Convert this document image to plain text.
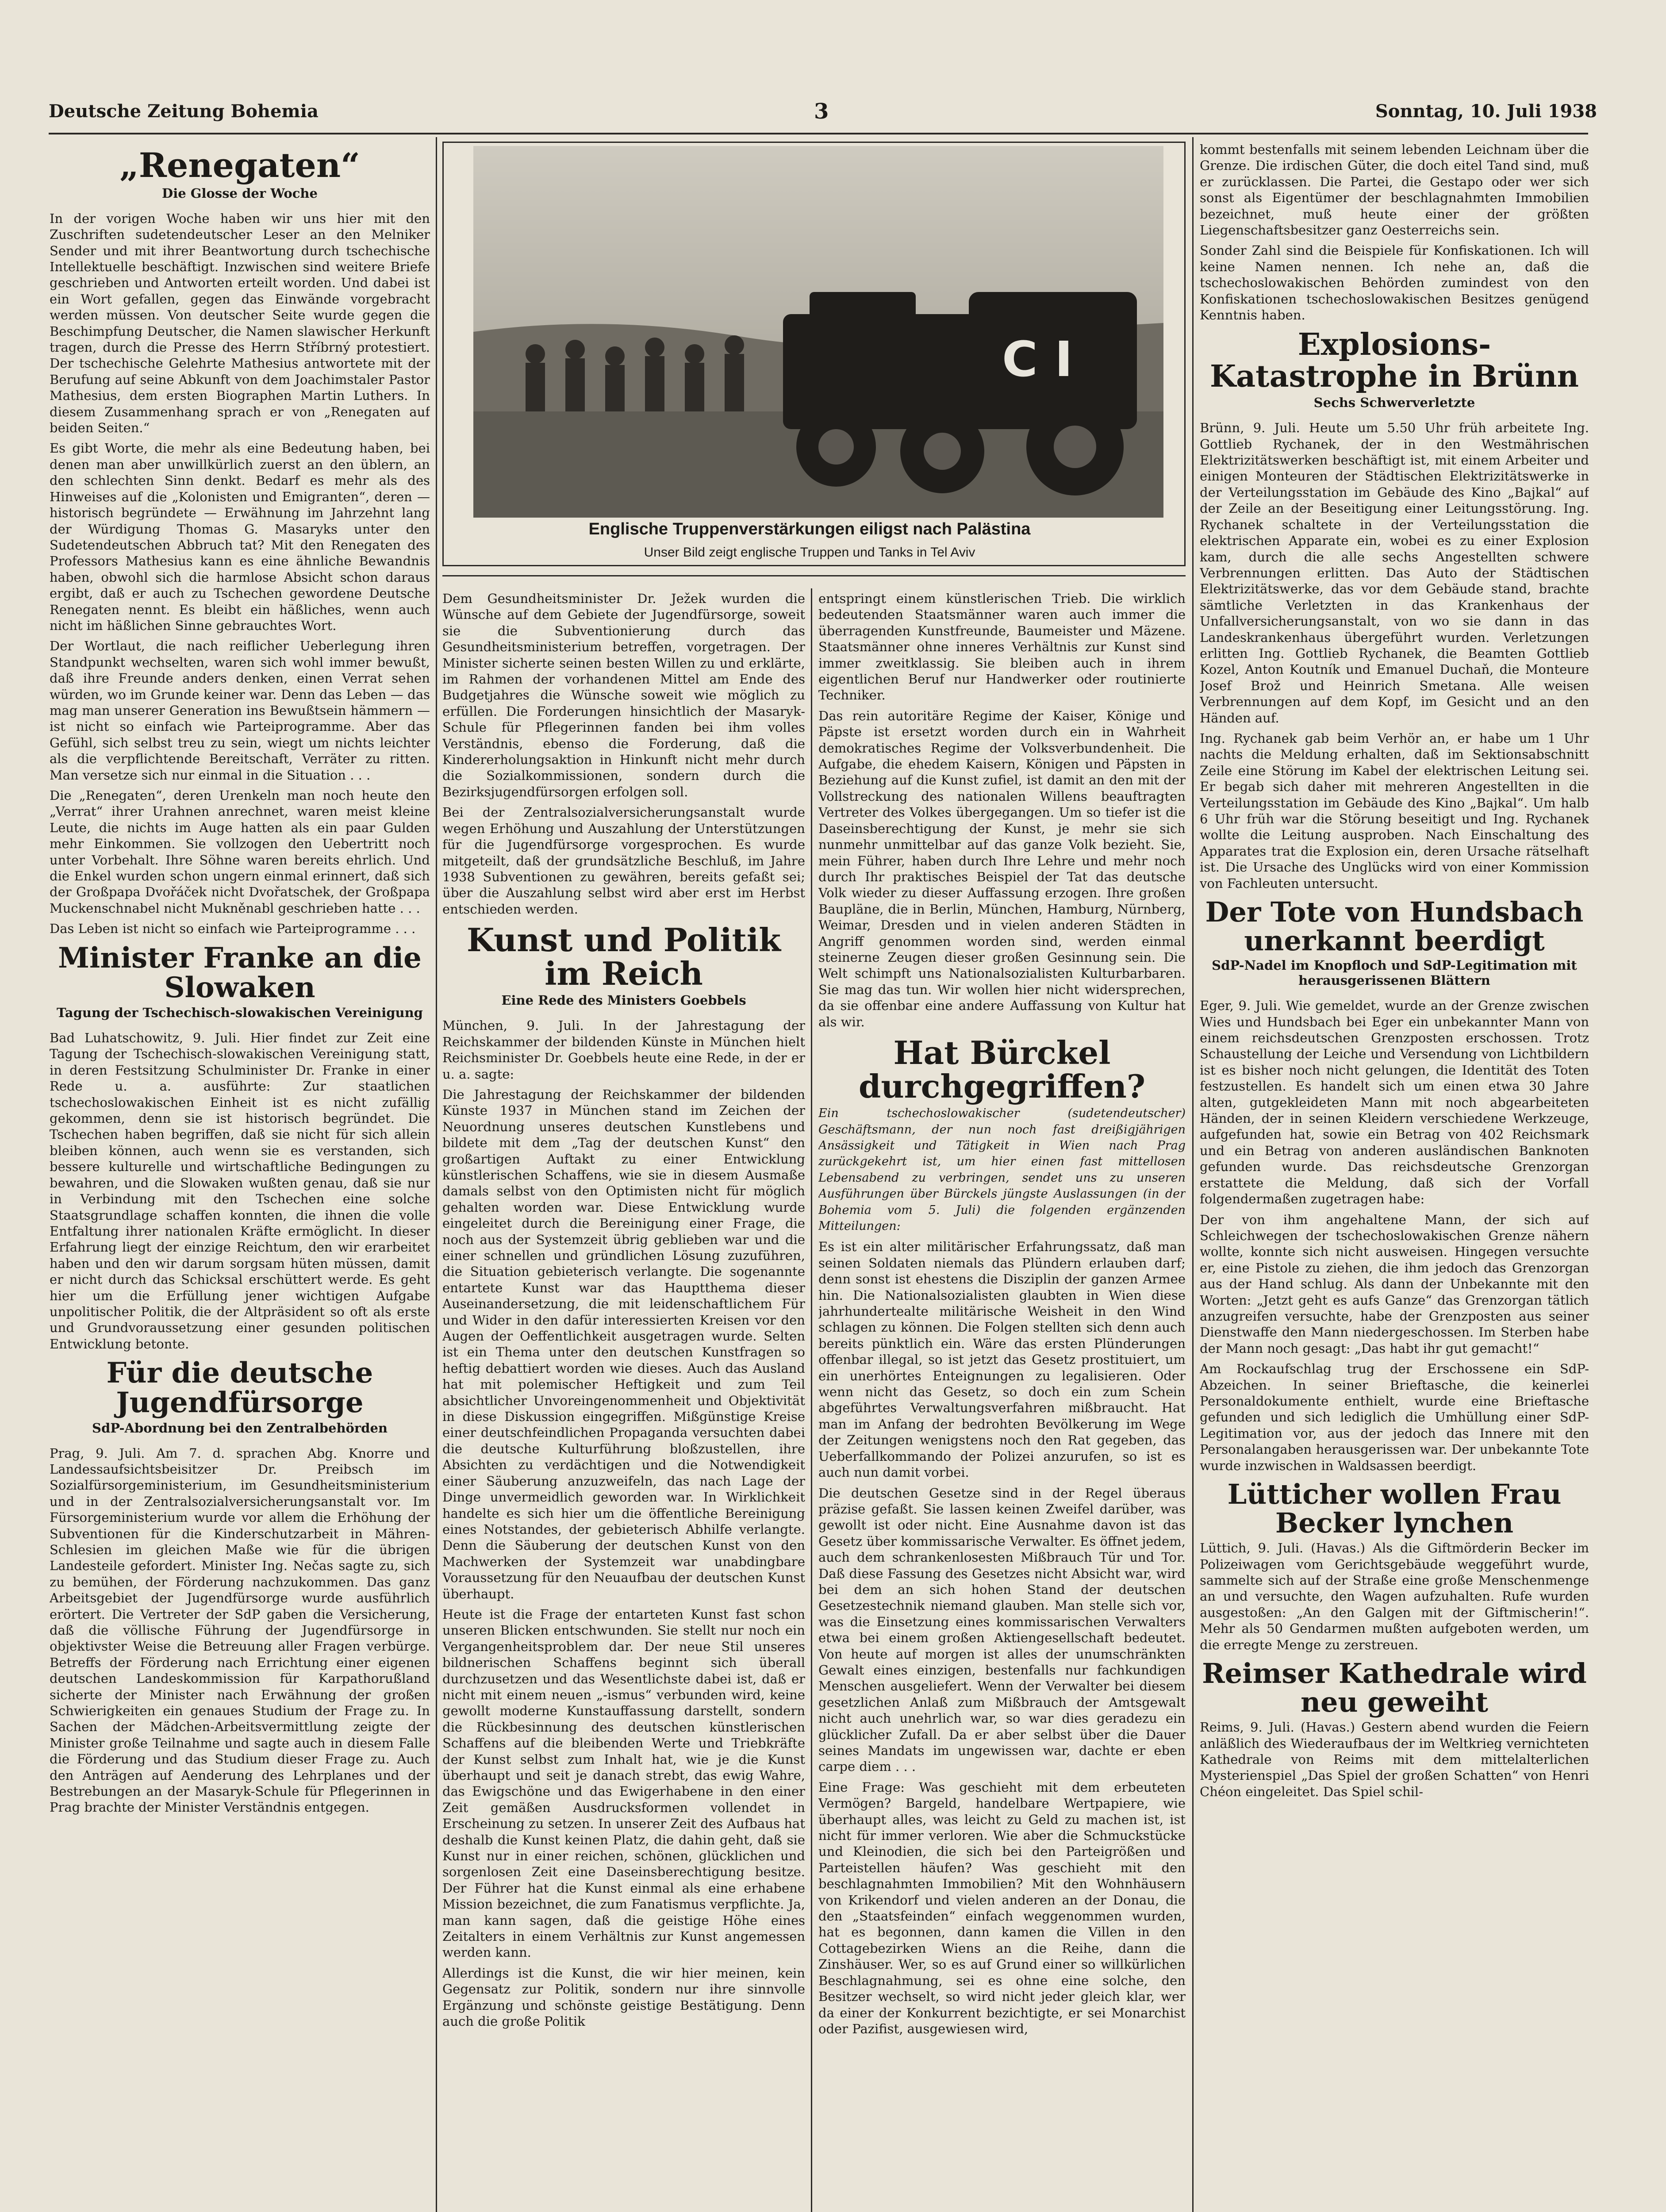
Deutsche Zeitung Bohemia	3	Sonntag, 10. Juli 1938
C I
Englische Truppenverstärkungen eiligst nach Palästina
Unser Bild zeigt englische Truppen und Tanks in Tel Aviv
„Renegaten“
Die Glosse der Woche

In der vorigen Woche haben wir uns hier mit den Zuschriften sudetendeutscher Leser an den Melniker Sender und mit ihrer Beantwortung durch tschechische Intellektuelle beschäftigt. Inzwischen sind weitere Briefe geschrieben und Antworten erteilt worden. Und dabei ist ein Wort gefallen, gegen das Einwände vorgebracht werden müssen. Von deutscher Seite wurde gegen die Beschimpfung Deutscher, die Namen slawischer Herkunft tragen, durch die Presse des Herrn Stříbrný protestiert. Der tschechische Gelehrte Mathesius antwortete mit der Berufung auf seine Abkunft von dem Joachimstaler Pastor Mathesius, dem ersten Biographen Martin Luthers. In diesem Zusammenhang sprach er von „Renegaten auf beiden Seiten.“

Es gibt Worte, die mehr als eine Bedeutung haben, bei denen man aber unwillkürlich zuerst an den üblern, an den schlechten Sinn denkt. Bedarf es mehr als des Hinweises auf die „Kolonisten und Emigranten“, deren — historisch begründete — Erwähnung im Jahrzehnt lang der Würdigung Thomas G. Masaryks unter den Sudetendeutschen Abbruch tat? Mit den Renegaten des Professors Mathesius kann es eine ähnliche Bewandnis haben, obwohl sich die harmlose Absicht schon daraus ergibt, daß er auch zu Tschechen gewordene Deutsche Renegaten nennt. Es bleibt ein häßliches, wenn auch nicht im häßlichen Sinne gebrauchtes Wort.

Der Wortlaut, die nach reiflicher Ueberlegung ihren Standpunkt wechselten, waren sich wohl immer bewußt, daß ihre Freunde anders denken, einen Verrat sehen würden, wo im Grunde keiner war. Denn das Leben — das mag man unserer Generation ins Bewußtsein hämmern — ist nicht so einfach wie Parteiprogramme. Aber das Gefühl, sich selbst treu zu sein, wiegt um nichts leichter als die verpflichtende Bereitschaft, Verräter zu ritten. Man versetze sich nur einmal in die Situation . . .

Die „Renegaten“, deren Urenkeln man noch heute den „Verrat“ ihrer Urahnen anrechnet, waren meist kleine Leute, die nichts im Auge hatten als ein paar Gulden mehr Einkommen. Sie vollzogen den Uebertritt noch unter Vorbehalt. Ihre Söhne waren bereits ehrlich. Und die Enkel wurden schon ungern einmal erinnert, daß sich der Großpapa Dvořáček nicht Dvořatschek, der Großpapa Muckenschnabel nicht Mukněnabl geschrieben hatte . . .

Das Leben ist nicht so einfach wie Parteiprogramme . . .

Minister Franke an die Slowaken
Tagung der Tschechisch-slowakischen Vereinigung

Bad Luhatschowitz, 9. Juli. Hier findet zur Zeit eine Tagung der Tschechisch-slowakischen Vereinigung statt, in deren Festsitzung Schulminister Dr. Franke in einer Rede u. a. ausführte: Zur staatlichen tschechoslowakischen Einheit ist es nicht zufällig gekommen, denn sie ist historisch begründet. Die Tschechen haben begriffen, daß sie nicht für sich allein bleiben können, auch wenn sie es verstanden, sich bessere kulturelle und wirtschaftliche Bedingungen zu bewahren, und die Slowaken wußten genau, daß sie nur in Verbindung mit den Tschechen eine solche Staatsgrundlage schaffen konnten, die ihnen die volle Entfaltung ihrer nationalen Kräfte ermöglicht. In dieser Erfahrung liegt der einzige Reichtum, den wir erarbeitet haben und den wir darum sorgsam hüten müssen, damit er nicht durch das Schicksal erschüttert werde. Es geht hier um die Erfüllung jener wichtigen Aufgabe unpolitischer Politik, die der Altpräsident so oft als erste und Grundvoraussetzung einer gesunden politischen Entwicklung betonte.

Für die deutsche Jugendfürsorge
SdP-Abordnung bei den Zentralbehörden

Prag, 9. Juli. Am 7. d. sprachen Abg. Knorre und Landessaufsichtsbeisitzer Dr. Preibsch im Sozialfürsorgeministerium, im Gesundheitsministerium und in der Zentralsozialversicherungsanstalt vor. Im Fürsorgeministerium wurde vor allem die Erhöhung der Subventionen für die Kinderschutzarbeit in Mähren-Schlesien im gleichen Maße wie für die übrigen Landesteile gefordert. Minister Ing. Nečas sagte zu, sich zu bemühen, der Förderung nachzukommen. Das ganz Arbeitsgebiet der Jugendfürsorge wurde ausführlich erörtert. Die Vertreter der SdP gaben die Versicherung, daß die völlische Führung der Jugendfürsorge in objektivster Weise die Betreuung aller Fragen verbürge. Betreffs der Förderung nach Errichtung einer eigenen deutschen Landeskommission für Karpathorußland sicherte der Minister nach Erwähnung der großen Schwierigkeiten ein genaues Studium der Frage zu. In Sachen der Mädchen-Arbeitsvermittlung zeigte der Minister große Teilnahme und sagte auch in diesem Falle die Förderung und das Studium dieser Frage zu. Auch den Anträgen auf Aenderung des Lehrplanes und der Bestrebungen an der Masaryk-Schule für Pflegerinnen in Prag brachte der Minister Verständnis entgegen.

Dem Gesundheitsminister Dr. Ježek wurden die Wünsche auf dem Gebiete der Jugendfürsorge, soweit sie die Subventionierung durch das Gesundheitsministerium betreffen, vorgetragen. Der Minister sicherte seinen besten Willen zu und erklärte, im Rahmen der vorhandenen Mittel am Ende des Budgetjahres die Wünsche soweit wie möglich zu erfüllen. Die Forderungen hinsichtlich der Masaryk-Schule für Pflegerinnen fanden bei ihm volles Verständnis, ebenso die Forderung, daß die Kindererholungsaktion in Hinkunft nicht mehr durch die Sozialkommissionen, sondern durch die Bezirksjugendfürsorgen erfolgen soll.

Bei der Zentralsozialversicherungsanstalt wurde wegen Erhöhung und Auszahlung der Unterstützungen für die Jugendfürsorge vorgesprochen. Es wurde mitgeteilt, daß der grundsätzliche Beschluß, im Jahre 1938 Subventionen zu gewähren, bereits gefaßt sei; über die Auszahlung selbst wird aber erst im Herbst entschieden werden.

Kunst und Politik im Reich
Eine Rede des Ministers Goebbels

München, 9. Juli. In der Jahrestagung der Reichskammer der bildenden Künste in München hielt Reichsminister Dr. Goebbels heute eine Rede, in der er u. a. sagte:

Die Jahrestagung der Reichskammer der bildenden Künste 1937 in München stand im Zeichen der Neuordnung unseres deutschen Kunstlebens und bildete mit dem „Tag der deutschen Kunst“ den großartigen Auftakt zu einer Entwicklung künstlerischen Schaffens, wie sie in diesem Ausmaße damals selbst von den Optimisten nicht für möglich gehalten worden war. Diese Entwicklung wurde eingeleitet durch die Bereinigung einer Frage, die noch aus der Systemzeit übrig geblieben war und die einer schnellen und gründlichen Lösung zuzuführen, die Situation gebieterisch verlangte. Die sogenannte entartete Kunst war das Hauptthema dieser Auseinandersetzung, die mit leidenschaftlichem Für und Wider in den dafür interessierten Kreisen vor den Augen der Oeffentlichkeit ausgetragen wurde. Selten ist ein Thema unter den deutschen Kunstfragen so heftig debattiert worden wie dieses. Auch das Ausland hat mit polemischer Heftigkeit und zum Teil absichtlicher Unvoreingenommenheit und Objektivität in diese Diskussion eingegriffen. Mißgünstige Kreise einer deutschfeindlichen Propaganda versuchten dabei die deutsche Kulturführung bloßzustellen, ihre Absichten zu verdächtigen und die Notwendigkeit einer Säuberung anzuzweifeln, das nach Lage der Dinge unvermeidlich geworden war. In Wirklichkeit handelte es sich hier um die öffentliche Bereinigung eines Notstandes, der gebieterisch Abhilfe verlangte. Denn die Säuberung der deutschen Kunst von den Machwerken der Systemzeit war unabdingbare Voraussetzung für den Neuaufbau der deutschen Kunst überhaupt.

Heute ist die Frage der entarteten Kunst fast schon unseren Blicken entschwunden. Sie stellt nur noch ein Vergangenheitsproblem dar. Der neue Stil unseres bildnerischen Schaffens beginnt sich überall durchzusetzen und das Wesentlichste dabei ist, daß er nicht mit einem neuen „-ismus“ verbunden wird, keine gewollt moderne Kunstauffassung darstellt, sondern die Rückbesinnung des deutschen künstlerischen Schaffens auf die bleibenden Werte und Triebkräfte der Kunst selbst zum Inhalt hat, wie je die Kunst überhaupt und seit je danach strebt, das ewig Wahre, das Ewigschöne und das Ewigerhabene in den einer Zeit gemäßen Ausdrucksformen vollendet in Erscheinung zu setzen. In unserer Zeit des Aufbaus hat deshalb die Kunst keinen Platz, die dahin geht, daß sie Kunst nur in einer reichen, schönen, glücklichen und sorgenlosen Zeit eine Daseinsberechtigung besitze. Der Führer hat die Kunst einmal als eine erhabene Mission bezeichnet, die zum Fanatismus verpflichte. Ja, man kann sagen, daß die geistige Höhe eines Zeitalters in einem Verhältnis zur Kunst angemessen werden kann.

Allerdings ist die Kunst, die wir hier meinen, kein Gegensatz zur Politik, sondern nur ihre sinnvolle Ergänzung und schönste geistige Bestätigung. Denn auch die große Politik

entspringt einem künstlerischen Trieb. Die wirklich bedeutenden Staatsmänner waren auch immer die überragenden Kunstfreunde, Baumeister und Mäzene. Staatsmänner ohne inneres Verhältnis zur Kunst sind immer zweitklassig. Sie bleiben auch in ihrem eigentlichen Beruf nur Handwerker oder routinierte Techniker.

Das rein autoritäre Regime der Kaiser, Könige und Päpste ist ersetzt worden durch ein in Wahrheit demokratisches Regime der Volksverbundenheit. Die Aufgabe, die ehedem Kaisern, Königen und Päpsten in Beziehung auf die Kunst zufiel, ist damit an den mit der Vollstreckung des nationalen Willens beauftragten Vertreter des Volkes übergegangen. Um so tiefer ist die Daseinsberechtigung der Kunst, je mehr sie sich nunmehr unmittelbar auf das ganze Volk bezieht. Sie, mein Führer, haben durch Ihre Lehre und mehr noch durch Ihr praktisches Beispiel der Tat das deutsche Volk wieder zu dieser Auffassung erzogen. Ihre großen Baupläne, die in Berlin, München, Hamburg, Nürnberg, Weimar, Dresden und in vielen anderen Städten in Angriff genommen worden sind, werden einmal steinerne Zeugen dieser großen Gesinnung sein. Die Welt schimpft uns Nationalsozialisten Kulturbarbaren. Sie mag das tun. Wir wollen hier nicht widersprechen, da sie offenbar eine andere Auffassung von Kultur hat als wir.

Hat Bürckel durchgegriffen?

Ein tschechoslowakischer (sudetendeutscher) Geschäftsmann, der nun noch fast dreißigjährigen Ansässigkeit und Tätigkeit in Wien nach Prag zurückgekehrt ist, um hier einen fast mittellosen Lebensabend zu verbringen, sendet uns zu unseren Ausführungen über Bürckels jüngste Auslassungen (in der Bohemia vom 5. Juli) die folgenden ergänzenden Mitteilungen:

Es ist ein alter militärischer Erfahrungssatz, daß man seinen Soldaten niemals das Plündern erlauben darf; denn sonst ist ehestens die Disziplin der ganzen Armee hin. Die Nationalsozialisten glaubten in Wien diese jahrhundertealte militärische Weisheit in den Wind schlagen zu können. Die Folgen stellten sich denn auch bereits pünktlich ein. Wäre das ersten Plünderungen offenbar illegal, so ist jetzt das Gesetz prostituiert, um ein unerhörtes Enteignungen zu legalisieren. Oder wenn nicht das Gesetz, so doch ein zum Schein abgeführtes Verwaltungsverfahren mißbraucht. Hat man im Anfang der bedrohten Bevölkerung im Wege der Zeitungen wenigstens noch den Rat gegeben, das Ueberfallkommando der Polizei anzurufen, so ist es auch nun damit vorbei.

Die deutschen Gesetze sind in der Regel überaus präzise gefaßt. Sie lassen keinen Zweifel darüber, was gewollt ist oder nicht. Eine Ausnahme davon ist das Gesetz über kommissarische Verwalter. Es öffnet jedem, auch dem schrankenlosesten Mißbrauch Tür und Tor. Daß diese Fassung des Gesetzes nicht Absicht war, wird bei dem an sich hohen Stand der deutschen Gesetzestechnik niemand glauben. Man stelle sich vor, was die Einsetzung eines kommissarischen Verwalters etwa bei einem großen Aktiengesellschaft bedeutet. Von heute auf morgen ist alles der unumschränkten Gewalt eines einzigen, bestenfalls nur fachkundigen Menschen ausgeliefert. Wenn der Verwalter bei diesem gesetzlichen Anlaß zum Mißbrauch der Amtsgewalt nicht auch unehrlich war, so war dies geradezu ein glücklicher Zufall. Da er aber selbst über die Dauer seines Mandats im ungewissen war, dachte er eben carpe diem . . .

Eine Frage: Was geschieht mit dem erbeuteten Vermögen? Bargeld, handelbare Wertpapiere, wie überhaupt alles, was leicht zu Geld zu machen ist, ist nicht für immer verloren. Wie aber die Schmuckstücke und Kleinodien, die sich bei den Parteigrößen und Parteistellen häufen? Was geschieht mit den beschlagnahmten Immobilien? Mit den Wohnhäusern von Krikendorf und vielen anderen an der Donau, die den „Staatsfeinden“ einfach weggenommen wurden, hat es begonnen, dann kamen die Villen in den Cottagebezirken Wiens an die Reihe, dann die Zinshäuser. Wer, so es auf Grund einer so willkürlichen Beschlagnahmung, sei es ohne eine solche, den Besitzer wechselt, so wird nicht jeder gleich klar, wer da einer der Konkurrent bezichtigte, er sei Monarchist oder Pazifist, ausgewiesen wird,

kommt bestenfalls mit seinem lebenden Leichnam über die Grenze. Die irdischen Güter, die doch eitel Tand sind, muß er zurücklassen. Die Partei, die Gestapo oder wer sich sonst als Eigentümer der beschlagnahmten Immobilien bezeichnet, muß heute einer der größten Liegenschaftsbesitzer ganz Oesterreichs sein.

Sonder Zahl sind die Beispiele für Konfiskationen. Ich will keine Namen nennen. Ich nehe an, daß die tschechoslowakischen Behörden zumindest von den Konfiskationen tschechoslowakischen Besitzes genügend Kenntnis haben.

Explosions-Katastrophe in Brünn
Sechs Schwerverletzte

Brünn, 9. Juli. Heute um 5.50 Uhr früh arbeitete Ing. Gottlieb Rychanek, der in den Westmährischen Elektrizitätswerken beschäftigt ist, mit einem Arbeiter und einigen Monteuren der Städtischen Elektrizitätswerke in der Verteilungsstation im Gebäude des Kino „Bajkal“ auf der Zeile an der Beseitigung einer Leitungsstörung. Ing. Rychanek schaltete in der Verteilungsstation die elektrischen Apparate ein, wobei es zu einer Explosion kam, durch die alle sechs Angestellten schwere Verbrennungen erlitten. Das Auto der Städtischen Elektrizitätswerke, das vor dem Gebäude stand, brachte sämtliche Verletzten in das Krankenhaus der Unfallversicherungsanstalt, von wo sie dann in das Landeskrankenhaus übergeführt wurden. Verletzungen erlitten Ing. Gottlieb Rychanek, die Beamten Gottlieb Kozel, Anton Koutník und Emanuel Duchaň, die Monteure Josef Brož und Heinrich Smetana. Alle weisen Verbrennungen auf dem Kopf, im Gesicht und an den Händen auf.

Ing. Rychanek gab beim Verhör an, er habe um 1 Uhr nachts die Meldung erhalten, daß im Sektionsabschnitt Zeile eine Störung im Kabel der elektrischen Leitung sei. Er begab sich daher mit mehreren Angestellten in die Verteilungsstation im Gebäude des Kino „Bajkal“. Um halb 6 Uhr früh war die Störung beseitigt und Ing. Rychanek wollte die Leitung ausproben. Nach Einschaltung des Apparates trat die Explosion ein, deren Ursache rätselhaft ist. Die Ursache des Unglücks wird von einer Kommission von Fachleuten untersucht.

Der Tote von Hundsbach unerkannt beerdigt
SdP-Nadel im Knopfloch und SdP-Legitimation mit herausgerissenen Blättern

Eger, 9. Juli. Wie gemeldet, wurde an der Grenze zwischen Wies und Hundsbach bei Eger ein unbekannter Mann von einem reichsdeutschen Grenzposten erschossen. Trotz Schaustellung der Leiche und Versendung von Lichtbildern ist es bisher noch nicht gelungen, die Identität des Toten festzustellen. Es handelt sich um einen etwa 30 Jahre alten, gutgekleideten Mann mit noch abgearbeiteten Händen, der in seinen Kleidern verschiedene Werkzeuge, aufgefunden hat, sowie ein Betrag von 402 Reichsmark und ein Betrag von anderen ausländischen Banknoten gefunden wurde. Das reichsdeutsche Grenzorgan erstattete die Meldung, daß sich der Vorfall folgendermaßen zugetragen habe:

Der von ihm angehaltene Mann, der sich auf Schleichwegen der tschechoslowakischen Grenze nähern wollte, konnte sich nicht ausweisen. Hingegen versuchte er, eine Pistole zu ziehen, die ihm jedoch das Grenzorgan aus der Hand schlug. Als dann der Unbekannte mit den Worten: „Jetzt geht es aufs Ganze“ das Grenzorgan tätlich anzugreifen versuchte, habe der Grenzposten aus seiner Dienstwaffe den Mann niedergeschossen. Im Sterben habe der Mann noch gesagt: „Das habt ihr gut gemacht!“

Am Rockaufschlag trug der Erschossene ein SdP-Abzeichen. In seiner Brieftasche, die keinerlei Personaldokumente enthielt, wurde eine Brieftasche gefunden und sich lediglich die Umhüllung einer SdP-Legitimation vor, aus der jedoch das Innere mit den Personalangaben herausgerissen war. Der unbekannte Tote wurde inzwischen in Waldsassen beerdigt.

Lütticher wollen Frau Becker lynchen

Lüttich, 9. Juli. (Havas.) Als die Giftmörderin Becker im Polizeiwagen vom Gerichtsgebäude weggeführt wurde, sammelte sich auf der Straße eine große Menschenmenge an und versuchte, den Wagen aufzuhalten. Rufe wurden ausgestoßen: „An den Galgen mit der Giftmischerin!“. Mehr als 50 Gendarmen mußten aufgeboten werden, um die erregte Menge zu zerstreuen.

Reimser Kathedrale wird neu geweiht

Reims, 9. Juli. (Havas.) Gestern abend wurden die Feiern anläßlich des Wiederaufbaus der im Weltkrieg vernichteten Kathedrale von Reims mit dem mittelalterlichen Mysterienspiel „Das Spiel der großen Schatten“ von Henri Chéon eingeleitet. Das Spiel schil-
